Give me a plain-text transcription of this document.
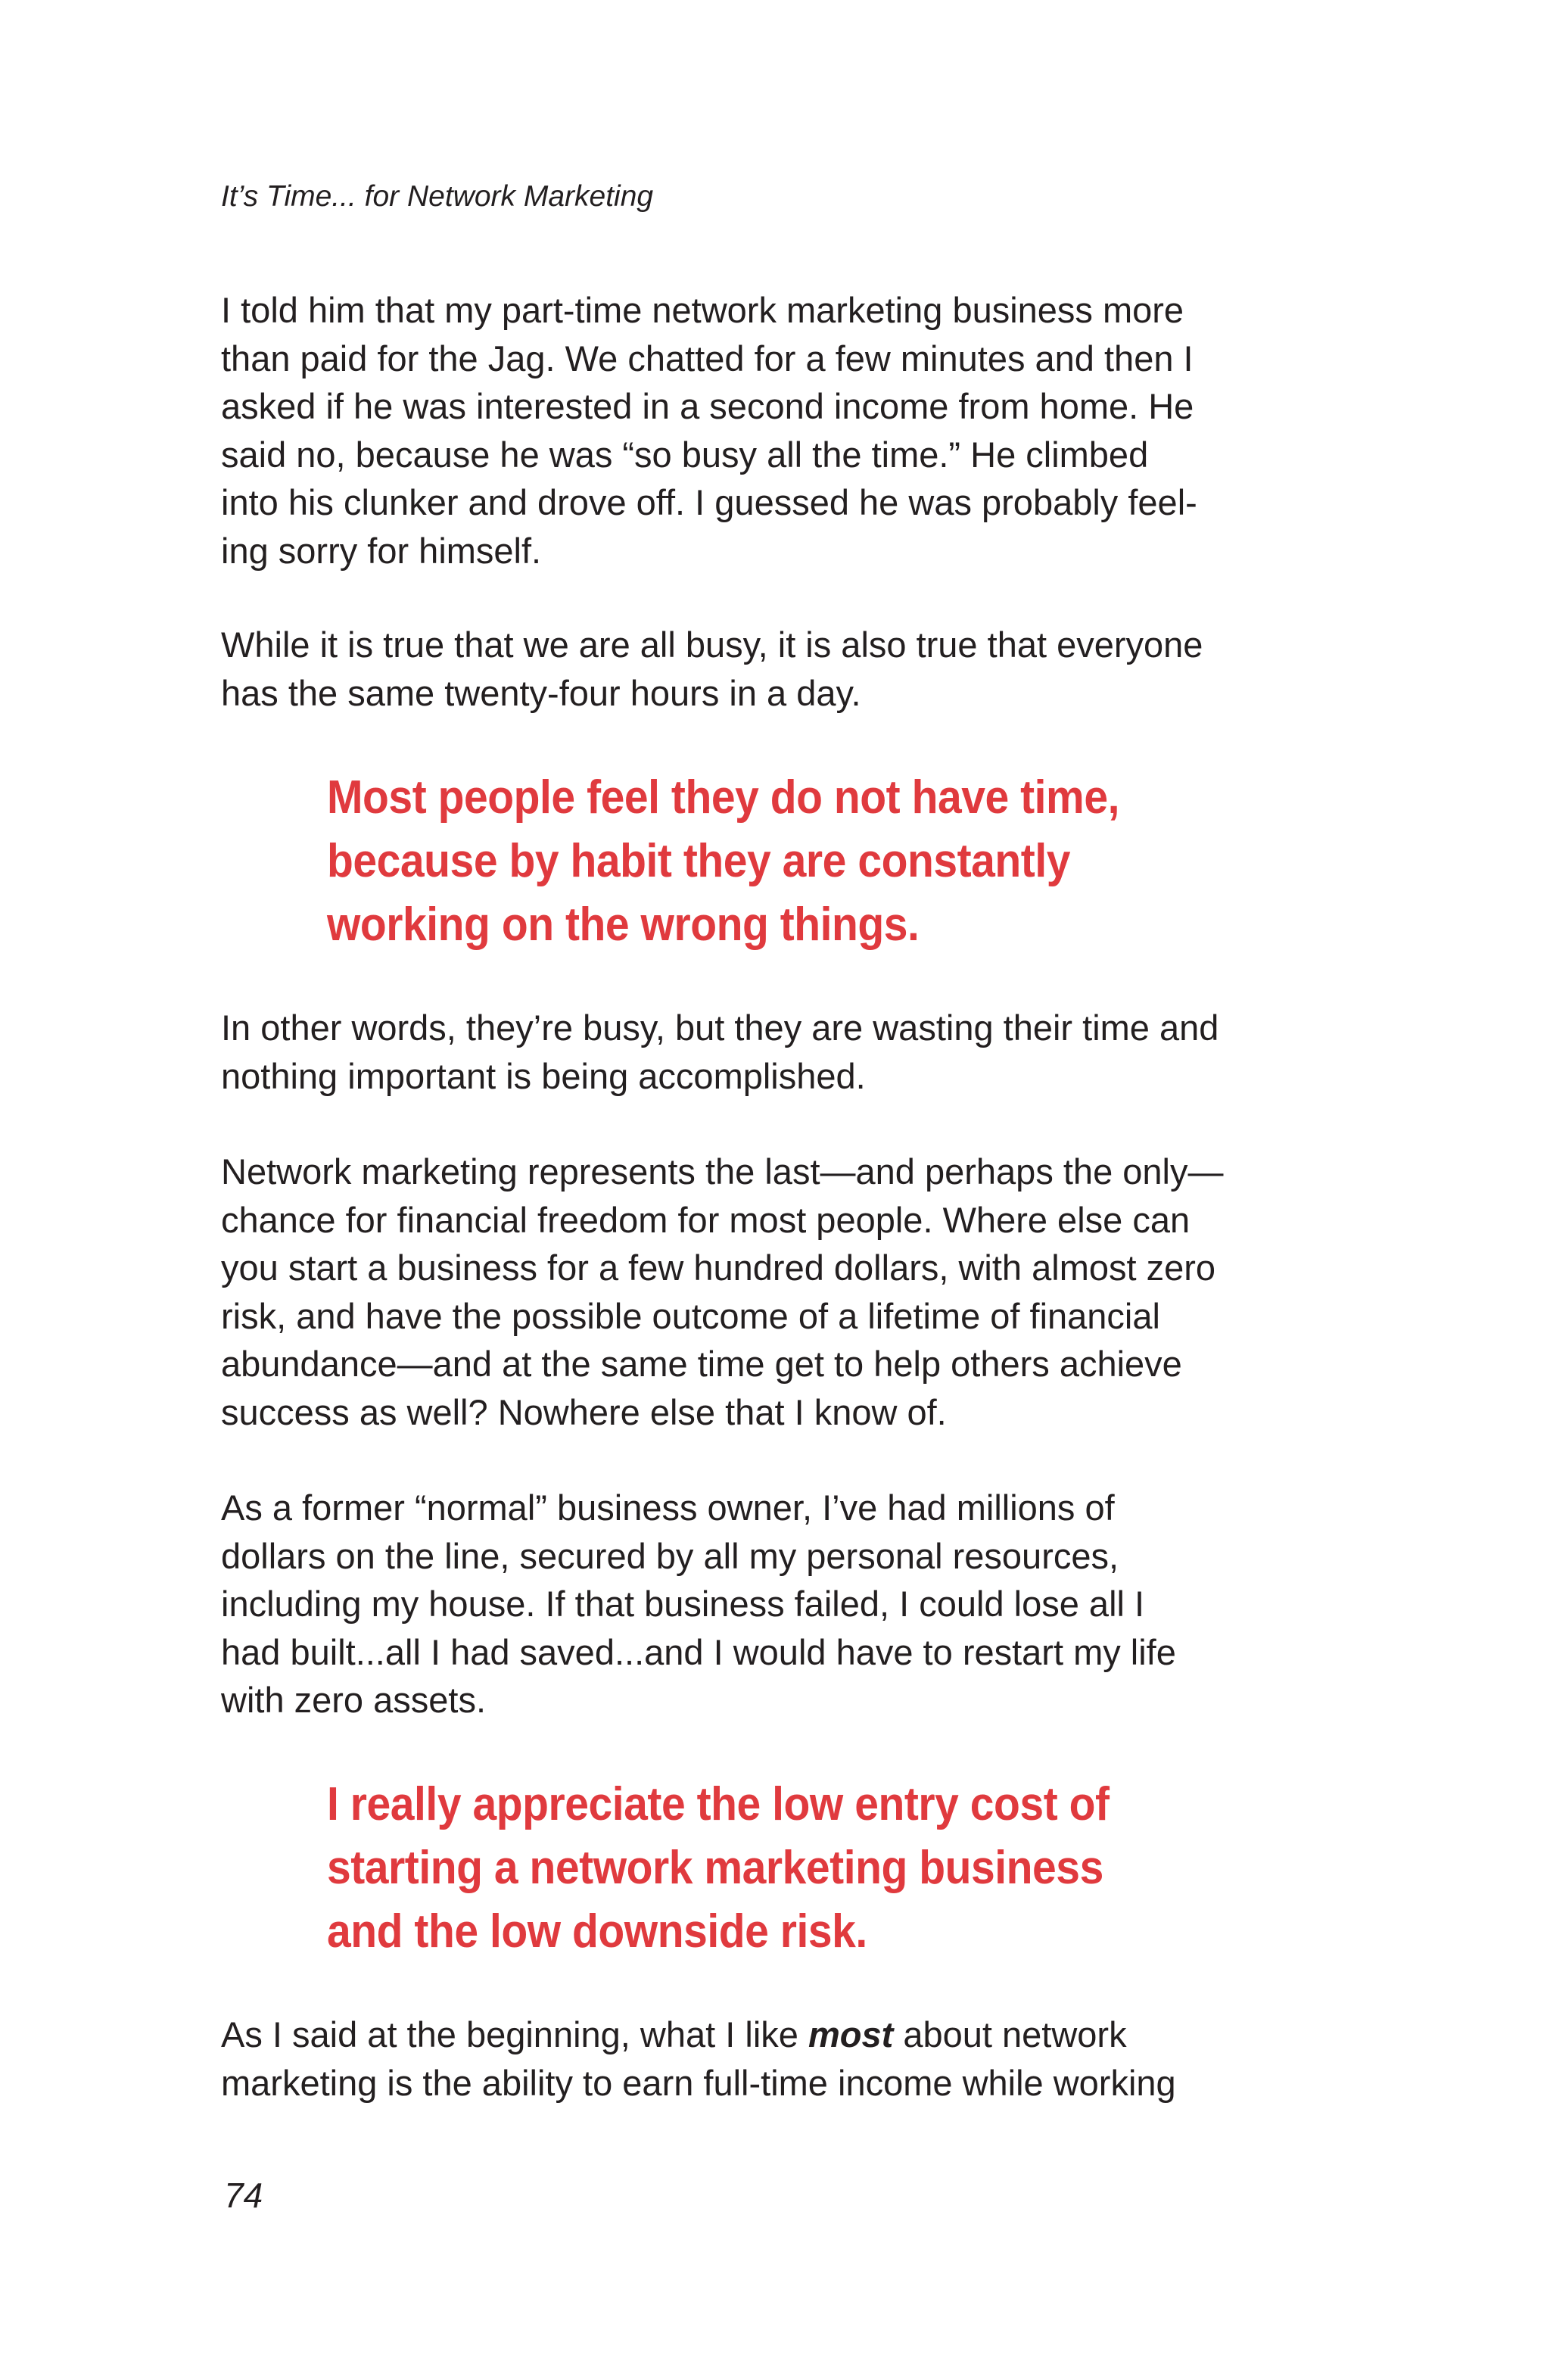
It’s Time... for Network Marketing
I told him that my part-time network marketing business more
than paid for the Jag. We chatted for a few minutes and then I
asked if he was interested in a second income from home. He
said no, because he was “so busy all the time.” He climbed
into his clunker and drove off. I guessed he was probably feel-
ing sorry for himself.
While it is true that we are all busy, it is also true that everyone
has the same twenty-four hours in a day.
Most people feel they do not have time,
because by habit they are constantly
working on the wrong things.
In other words, they’re busy, but they are wasting their time and
nothing important is being accomplished.
Network marketing represents the last—and perhaps the only—
chance for financial freedom for most people. Where else can
you start a business for a few hundred dollars, with almost zero
risk, and have the possible outcome of a lifetime of financial
abundance—and at the same time get to help others achieve
success as well? Nowhere else that I know of.
As a former “normal” business owner, I’ve had millions of
dollars on the line, secured by all my personal resources,
including my house. If that business failed, I could lose all I
had built...all I had saved...and I would have to restart my life
with zero assets.
I really appreciate the low entry cost of
starting a network marketing business
and the low downside risk.
As I said at the beginning, what I like most about network
marketing is the ability to earn full-time income while working
74
